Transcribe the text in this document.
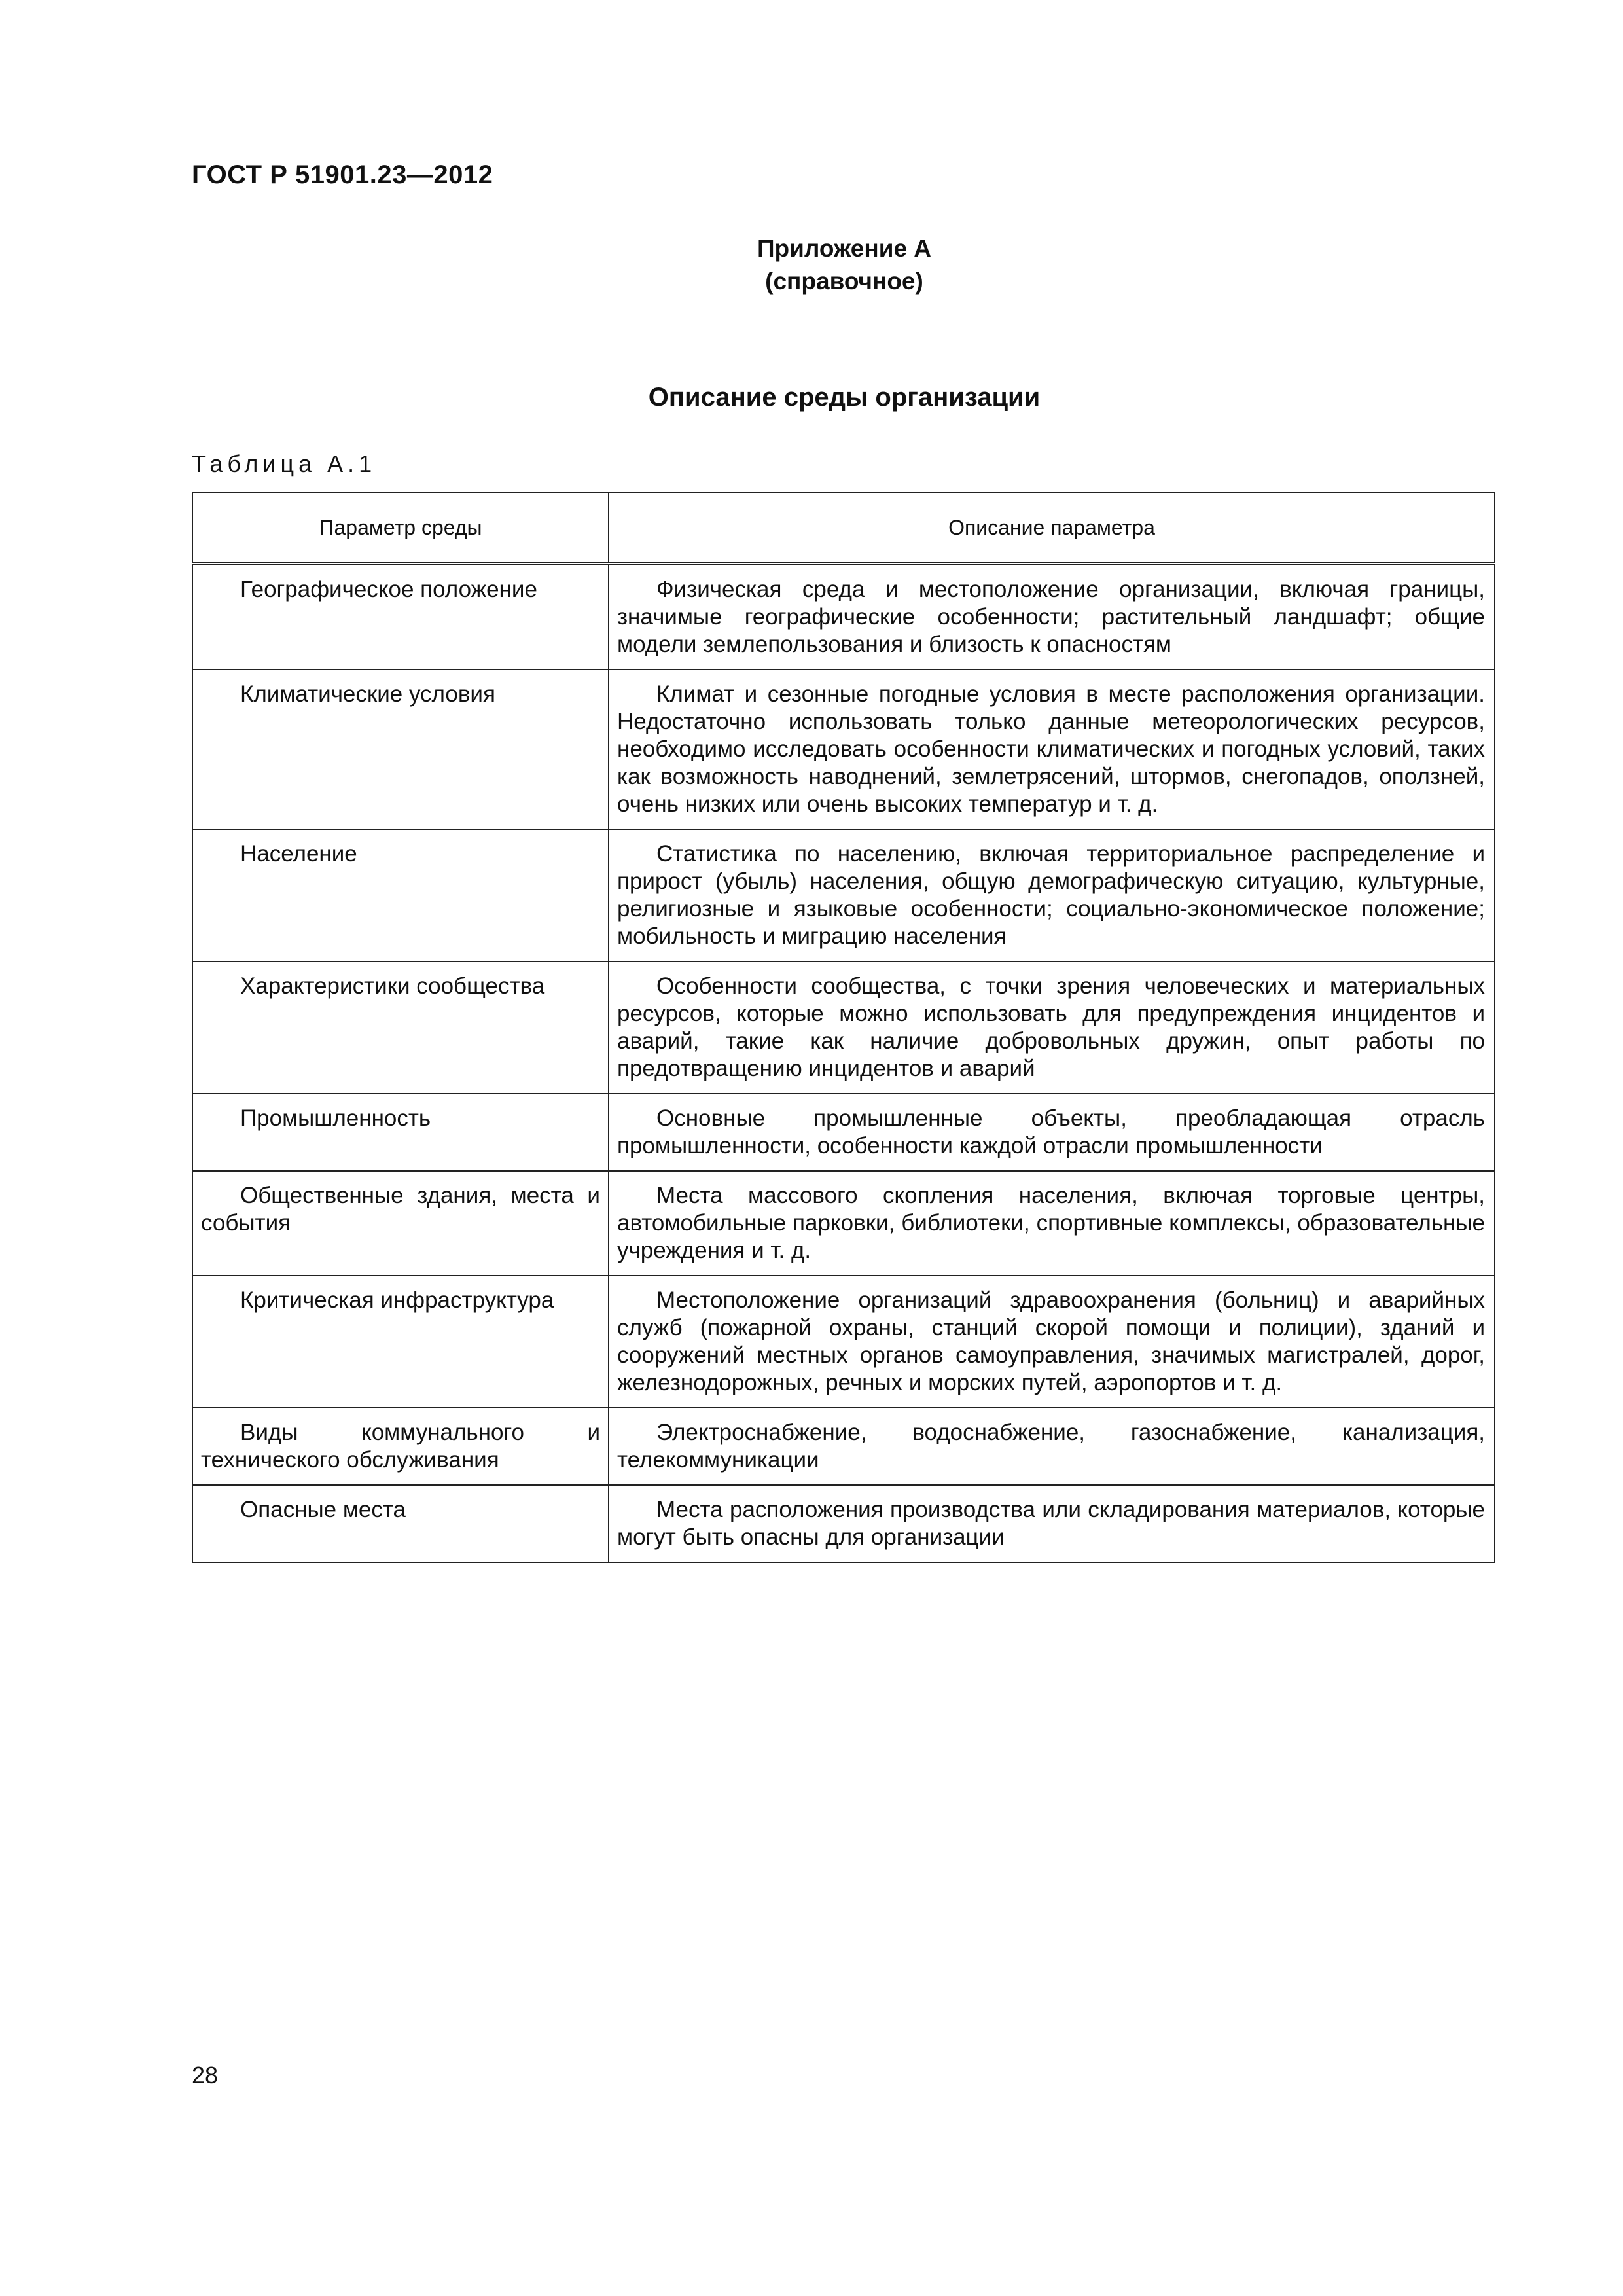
ГОСТ Р 51901.23—2012
Приложение А
(справочное)
Описание среды организации
Таблица А.1
Параметр среды	Описание параметра
Географическое положение	Физическая среда и местоположение организации, включая границы, значимые географические особенности; растительный ландшафт; общие модели землепользования и близость к опасностям
Климатические условия	Климат и сезонные погодные условия в месте расположения организации. Недостаточно использовать только данные метеорологических ресурсов, необходимо исследовать особенности климатических и погодных условий, таких как возможность наводнений, землетрясений, штормов, снегопадов, оползней, очень низких или очень высоких температур и т. д.
Население	Статистика по населению, включая территориальное распределение и прирост (убыль) населения, общую демографическую ситуацию, культурные, религиозные и языковые особенности; социально-экономическое положение; мобильность и миграцию населения
Характеристики сообщества	Особенности сообщества, с точки зрения человеческих и материальных ресурсов, которые можно использовать для предупреждения инцидентов и аварий, такие как наличие добровольных дружин, опыт работы по предотвращению инцидентов и аварий
Промышленность	Основные промышленные объекты, преобладающая отрасль промышленности, особенности каждой отрасли промышленности
Общественные здания, места и события	Места массового скопления населения, включая торговые центры, автомобильные парковки, библиотеки, спортивные комплексы, образовательные учреждения и т. д.
Критическая инфраструктура	Местоположение организаций здравоохранения (больниц) и аварийных служб (пожарной охраны, станций скорой помощи и полиции), зданий и сооружений местных органов самоуправления, значимых магистралей, дорог, железнодорожных, речных и морских путей, аэропортов и т. д.
Виды коммунального и технического обслуживания	Электроснабжение, водоснабжение, газоснабжение, канализация, телекоммуникации
Опасные места	Места расположения производства или складирования материалов, которые могут быть опасны для организации
28
